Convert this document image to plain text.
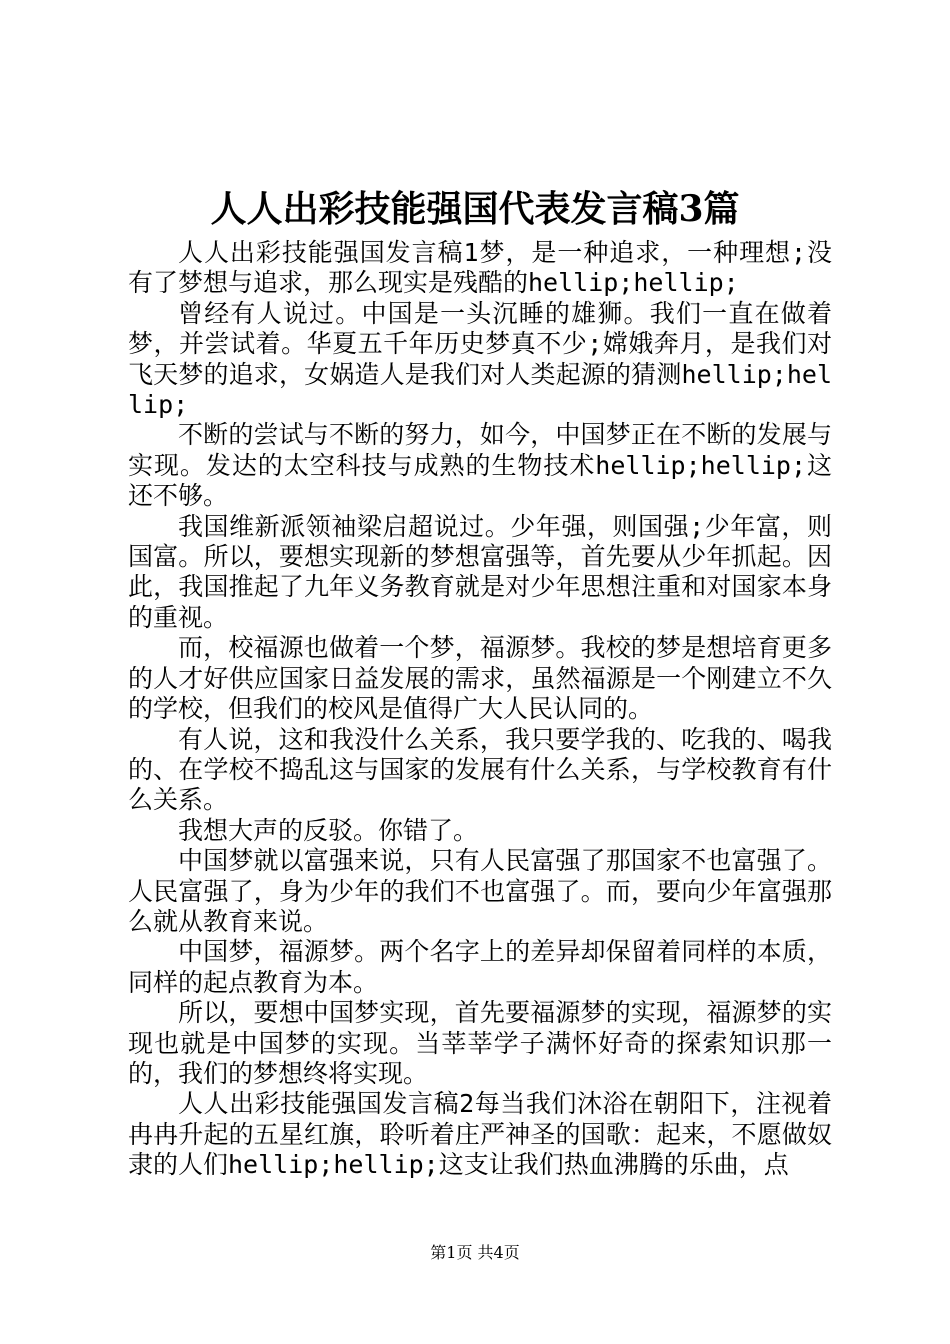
人人出彩技能强国代表发言稿3篇

人人出彩技能强国发言稿1梦，是一种追求，一种理想;没有了梦想与追求，那么现实是残酷的hellip;hellip;

曾经有人说过。中国是一头沉睡的雄狮。我们一直在做着梦，并尝试着。华夏五千年历史梦真不少;嫦娥奔月，是我们对飞天梦的追求，女娲造人是我们对人类起源的猜测hellip;hellip;

不断的尝试与不断的努力，如今，中国梦正在不断的发展与实现。发达的太空科技与成熟的生物技术hellip;hellip;这还不够。

我国维新派领袖梁启超说过。少年强，则国强;少年富，则国富。所以，要想实现新的梦想富强等，首先要从少年抓起。因此，我国推起了九年义务教育就是对少年思想注重和对国家本身的重视。

而，校福源也做着一个梦，福源梦。我校的梦是想培育更多的人才好供应国家日益发展的需求，虽然福源是一个刚建立不久的学校，但我们的校风是值得广大人民认同的。

有人说，这和我没什么关系，我只要学我的、吃我的、喝我的、在学校不捣乱这与国家的发展有什么关系，与学校教育有什么关系。

我想大声的反驳。你错了。

中国梦就以富强来说，只有人民富强了那国家不也富强了。人民富强了，身为少年的我们不也富强了。而，要向少年富强那么就从教育来说。

中国梦，福源梦。两个名字上的差异却保留着同样的本质，同样的起点教育为本。

所以，要想中国梦实现，首先要福源梦的实现，福源梦的实现也就是中国梦的实现。当莘莘学子满怀好奇的探索知识那一的，我们的梦想终将实现。

人人出彩技能强国发言稿2每当我们沐浴在朝阳下，注视着冉冉升起的五星红旗，聆听着庄严神圣的国歌：起来，不愿做奴隶的人们hellip;hellip;这支让我们热血沸腾的乐曲，点

第1页 共4页
